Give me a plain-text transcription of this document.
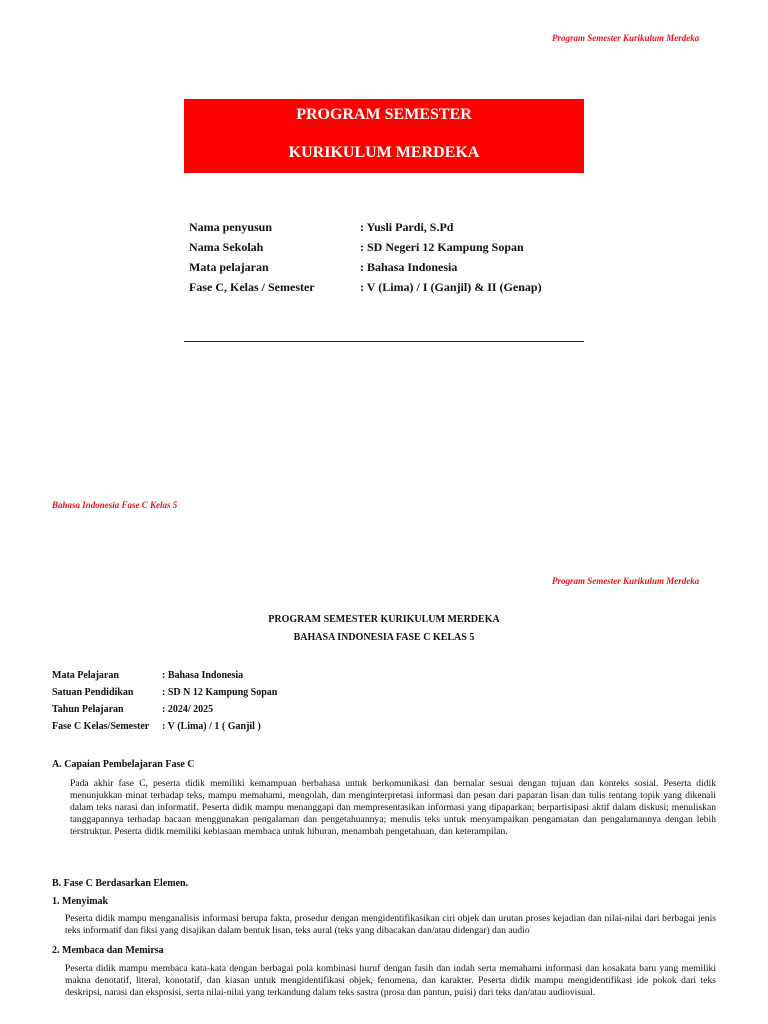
Program Semester Kurikulum Merdeka
PROGRAM SEMESTER
KURIKULUM MERDEKA
Nama penyusun	: Yusli Pardi, S.Pd
Nama Sekolah	: SD Negeri 12 Kampung Sopan
Mata pelajaran	: Bahasa Indonesia
Fase C, Kelas / Semester	: V (Lima) / I (Ganjil) & II (Genap)
Bahasa Indonesia Fase C Kelas 5
Program Semester Kurikulum Merdeka
PROGRAM SEMESTER KURIKULUM MERDEKA
BAHASA INDONESIA FASE C KELAS 5
Mata Pelajaran	: Bahasa Indonesia
Satuan Pendidikan	: SD N 12 Kampung Sopan
Tahun Pelajaran	: 2024/ 2025
Fase C Kelas/Semester : V (Lima) / 1 ( Ganjil )
A. Capaian Pembelajaran Fase C
Pada akhir fase C, peserta didik memiliki kemampuan berbahasa untuk berkomunikasi dan bernalar sesuai dengan tujuan dan konteks sosial. Peserta didik menunjukkan minat terhadap teks, mampu memahami, mengolah, dan menginterpretasi informasi dan pesan dari paparan lisan dan tulis tentang topik yang dikenali dalam teks narasi dan informatif. Peserta didik mampu menanggapi dan mempresentasikan informasi yang dipaparkan; berpartisipasi aktif dalam diskusi; menuliskan tanggapannya terhadap bacaan menggunakan pengalaman dan pengetahuannya; menulis teks untuk menyampaikan pengamatan dan pengalamannya dengan lebih terstruktur. Peserta didik memiliki kebiasaan membaca untuk hiburan, menambah pengetahuan, dan keterampilan.
B. Fase C Berdasarkan Elemen.
1. Menyimak
Peserta didik mampu menganalisis informasi berupa fakta, prosedur dengan mengidentifikasikan ciri objek dan urutan proses kejadian dan nilai-nilai dari berbagai jenis teks informatif dan fiksi yang disajikan dalam bentuk lisan, teks aural (teks yang dibacakan dan/atau didengar) dan audio
2. Membaca dan Memirsa
Peserta didik mampu membaca kata-kata dengan berbagai pola kombinasi huruf dengan fasih dan indah serta memahami informasi dan kosakata baru yang memiliki makna denotatif, literal, konotatif, dan kiasan untuk mengidentifikasi objek, fenomena, dan karakter. Peserta didik mampu mengidentifikasi ide pokok dari teks deskripsi, narasi dan eksposisi, serta nilai-nilai yang terkandung dalam teks sastra (prosa dan pantun, puisi) dari teks dan/atau audiovisual.
